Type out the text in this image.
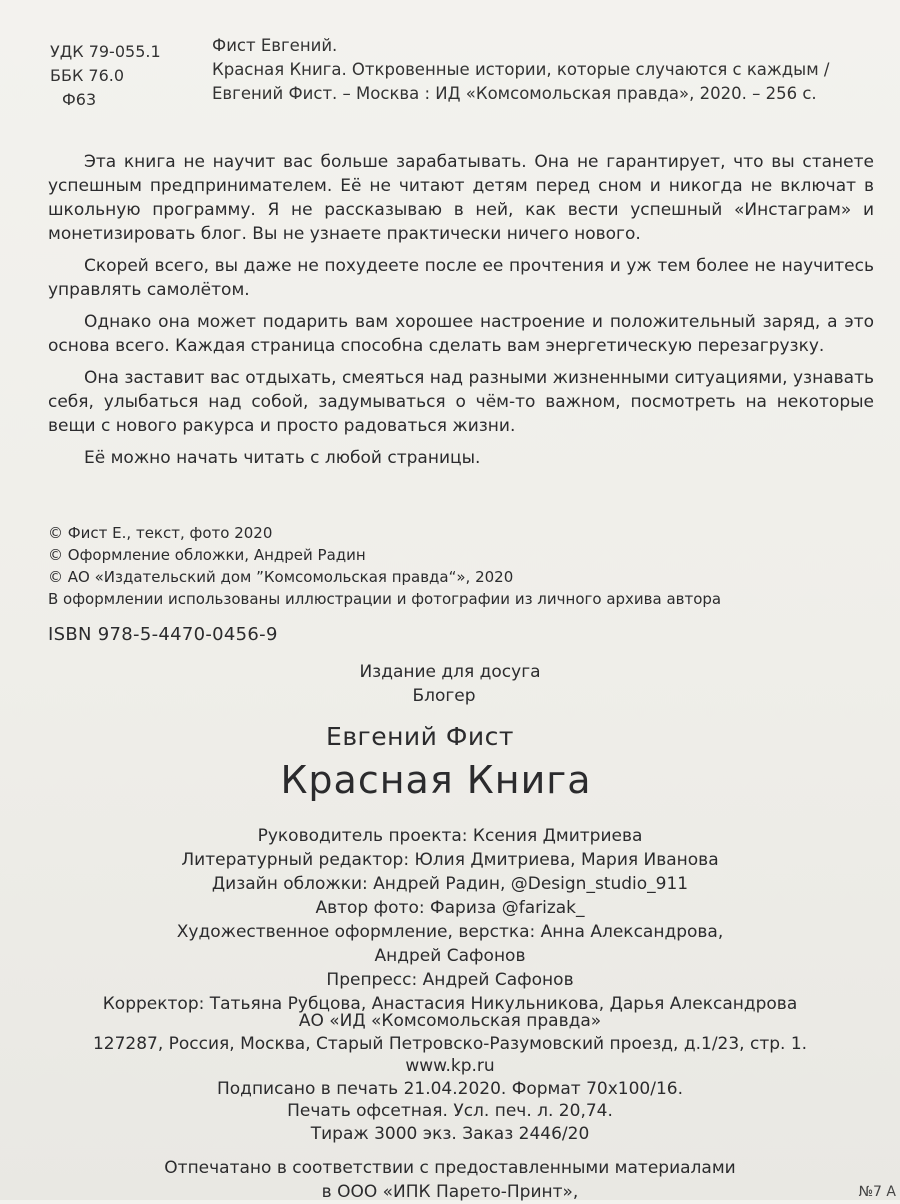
УДК 79-055.1
ББК 76.0
Ф63
Фист Евгений.
Красная Книга. Откровенные истории, которые случаются с каждым /
Евгений Фист. – Москва : ИД «Комсомольская правда», 2020. – 256 с.

Эта книга не научит вас больше зарабатывать. Она не гарантирует, что вы станете успешным предпринимателем. Её не читают детям перед сном и никогда не включат в школьную программу. Я не рассказываю в ней, как вести успешный «Инстаграм» и монетизировать блог. Вы не узнаете практически ничего нового.

Скорей всего, вы даже не похудеете после ее прочтения и уж тем более не научитесь управлять самолётом.

Однако она может подарить вам хорошее настроение и положительный заряд, а это основа всего. Каждая страница способна сделать вам энергетическую перезагрузку.

Она заставит вас отдыхать, смеяться над разными жизненными ситуациями, узнавать себя, улыбаться над собой, задумываться о чём-то важном, посмотреть на некоторые вещи с нового ракурса и просто радоваться жизни.

Её можно начать читать с любой страницы.

© Фист Е., текст, фото 2020
© Оформление обложки, Андрей Радин
© АО «Издательский дом ”Комсомольская правда“», 2020
В оформлении использованы иллюстрации и фотографии из личного архива автора
ISBN 978-5-4470-0456-9
Издание для досуга
Блогер
Евгений Фист
Красная Книга
Руководитель проекта: Ксения Дмитриева
Литературный редактор: Юлия Дмитриева, Мария Иванова
Дизайн обложки: Андрей Радин, @Design_studio_911
Автор фото: Фариза @farizak_
Художественное оформление, верстка: Анна Александрова,
Андрей Сафонов
Препресс: Андрей Сафонов
Корректор: Татьяна Рубцова, Анастасия Никульникова, Дарья Александрова
АО «ИД «Комсомольская правда»
127287, Россия, Москва, Старый Петровско-Разумовский проезд, д.1/23, стр. 1.
www.kp.ru
Подписано в печать 21.04.2020. Формат 70х100/16.
Печать офсетная. Усл. печ. л. 20,74.
Тираж 3000 экз. Заказ 2446/20
Отпечатано в соответствии с предоставленными материалами
в ООО «ИПК Парето-Принт»,	№7 А
